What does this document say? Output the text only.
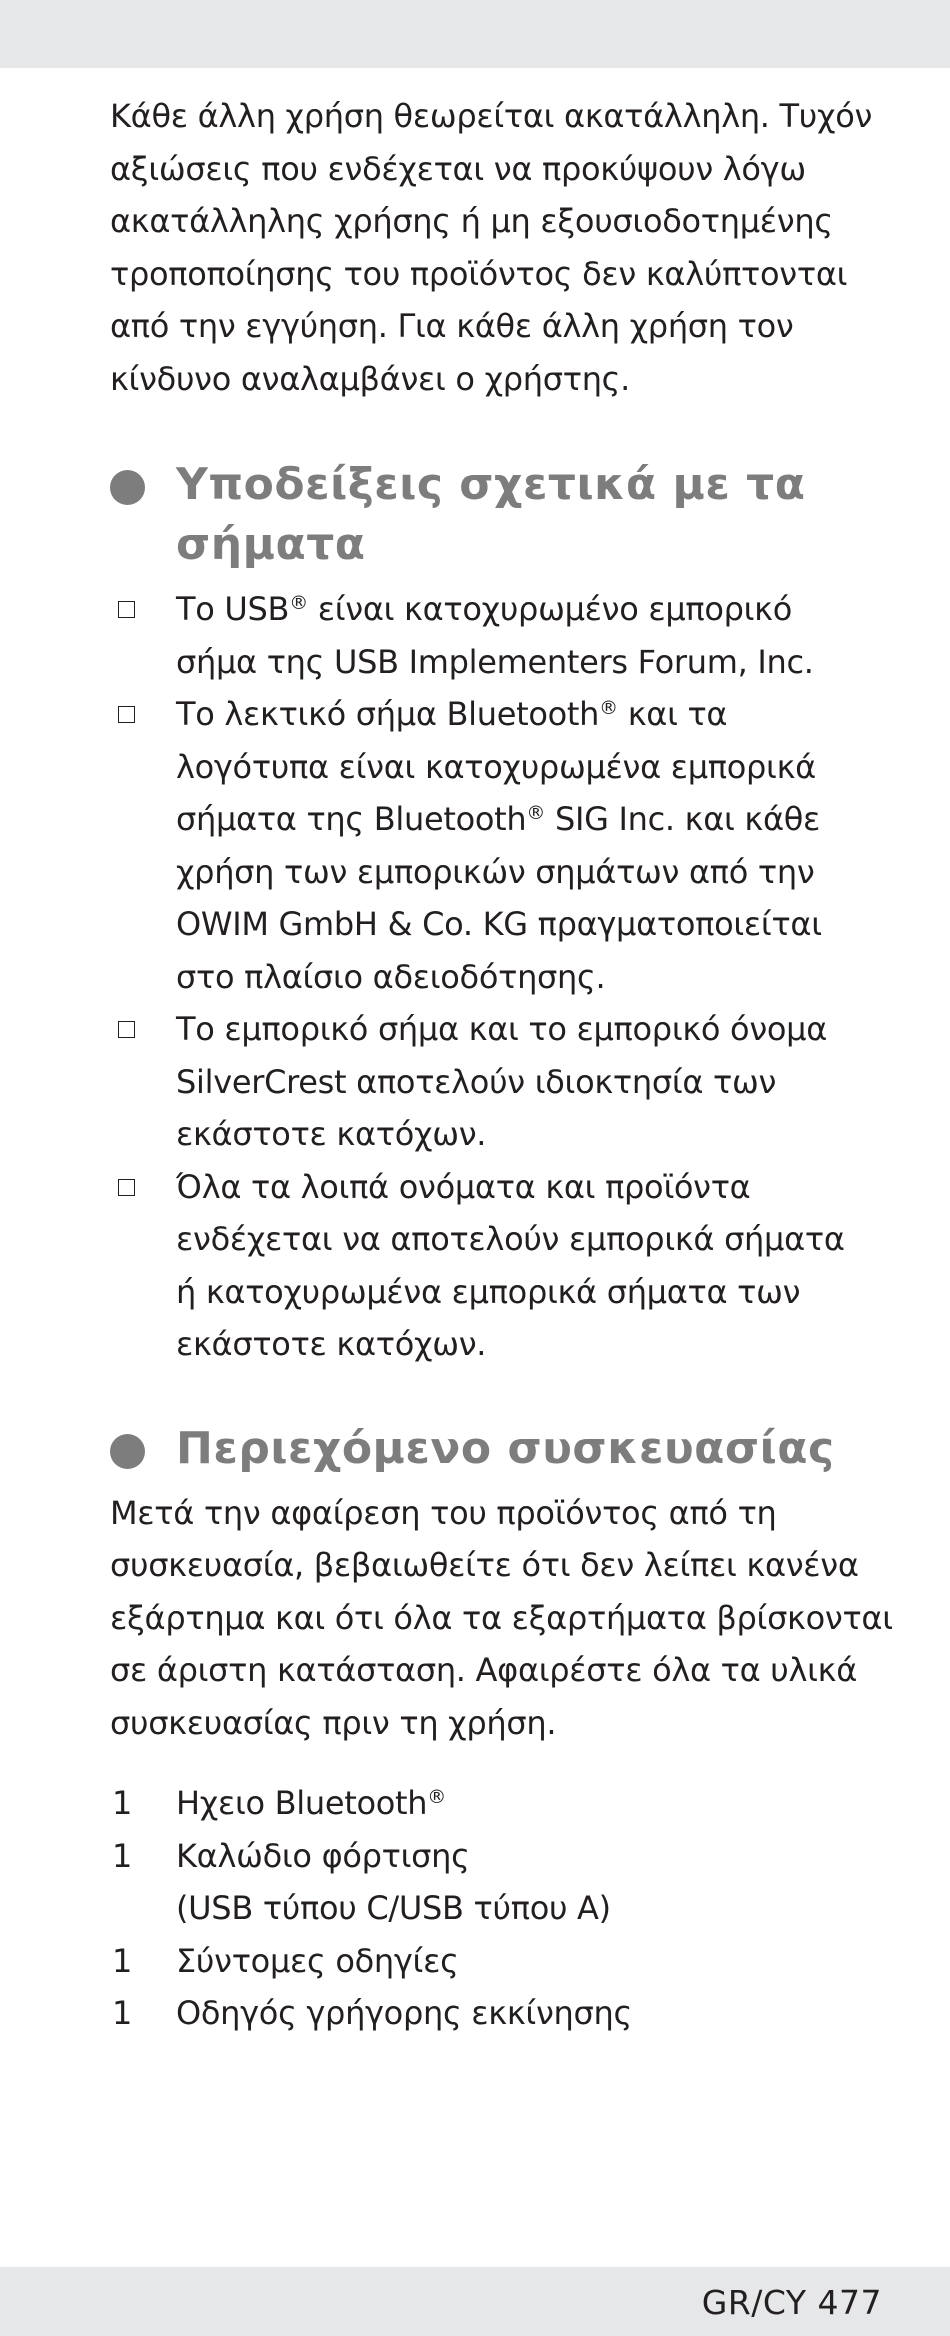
Κάθε άλλη χρήση θεωρείται ακατάλληλη. Τυχόν
αξιώσεις που ενδέχεται να προκύψουν λόγω
ακατάλληλης χρήσης ή μη εξουσιοδοτημένης
τροποποίησης του προϊόντος δεν καλύπτονται
από την εγγύηση. Για κάθε άλλη χρήση τον
κίνδυνο αναλαμβάνει ο χρήστης.

Υποδείξεις σχετικά με τα
σήματα
Το USB® είναι κατοχυρωμένο εμπορικό
σήμα της USB Implementers Forum, Inc.
Το λεκτικό σήμα Bluetooth® και τα
λογότυπα είναι κατοχυρωμένα εμπορικά
σήματα της Bluetooth® SIG Inc. και κάθε
χρήση των εμπορικών σημάτων από την
OWIM GmbH & Co. KG πραγματοποιείται
στο πλαίσιο αδειοδότησης.
Το εμπορικό σήμα και το εμπορικό όνομα
SilverCrest αποτελούν ιδιοκτησία των
εκάστοτε κατόχων.
Όλα τα λοιπά ονόματα και προϊόντα
ενδέχεται να αποτελούν εμπορικά σήματα
ή κατοχυρωμένα εμπορικά σήματα των
εκάστοτε κατόχων.
Περιεχόμενο συσκευασίας

Μετά την αφαίρεση του προϊόντος από τη
συσκευασία, βεβαιωθείτε ότι δεν λείπει κανένα
εξάρτημα και ότι όλα τα εξαρτήματα βρίσκονται
σε άριστη κατάσταση. Αφαιρέστε όλα τα υλικά
συσκευασίας πριν τη χρήση.

1 Ηχειο Bluetooth®
1 Καλώδιο φόρτισης
(USB τύπου C/USB τύπου A)
1 Σύντομες οδηγίες
1 Οδηγός γρήγορης εκκίνησης
GR/CY 477
